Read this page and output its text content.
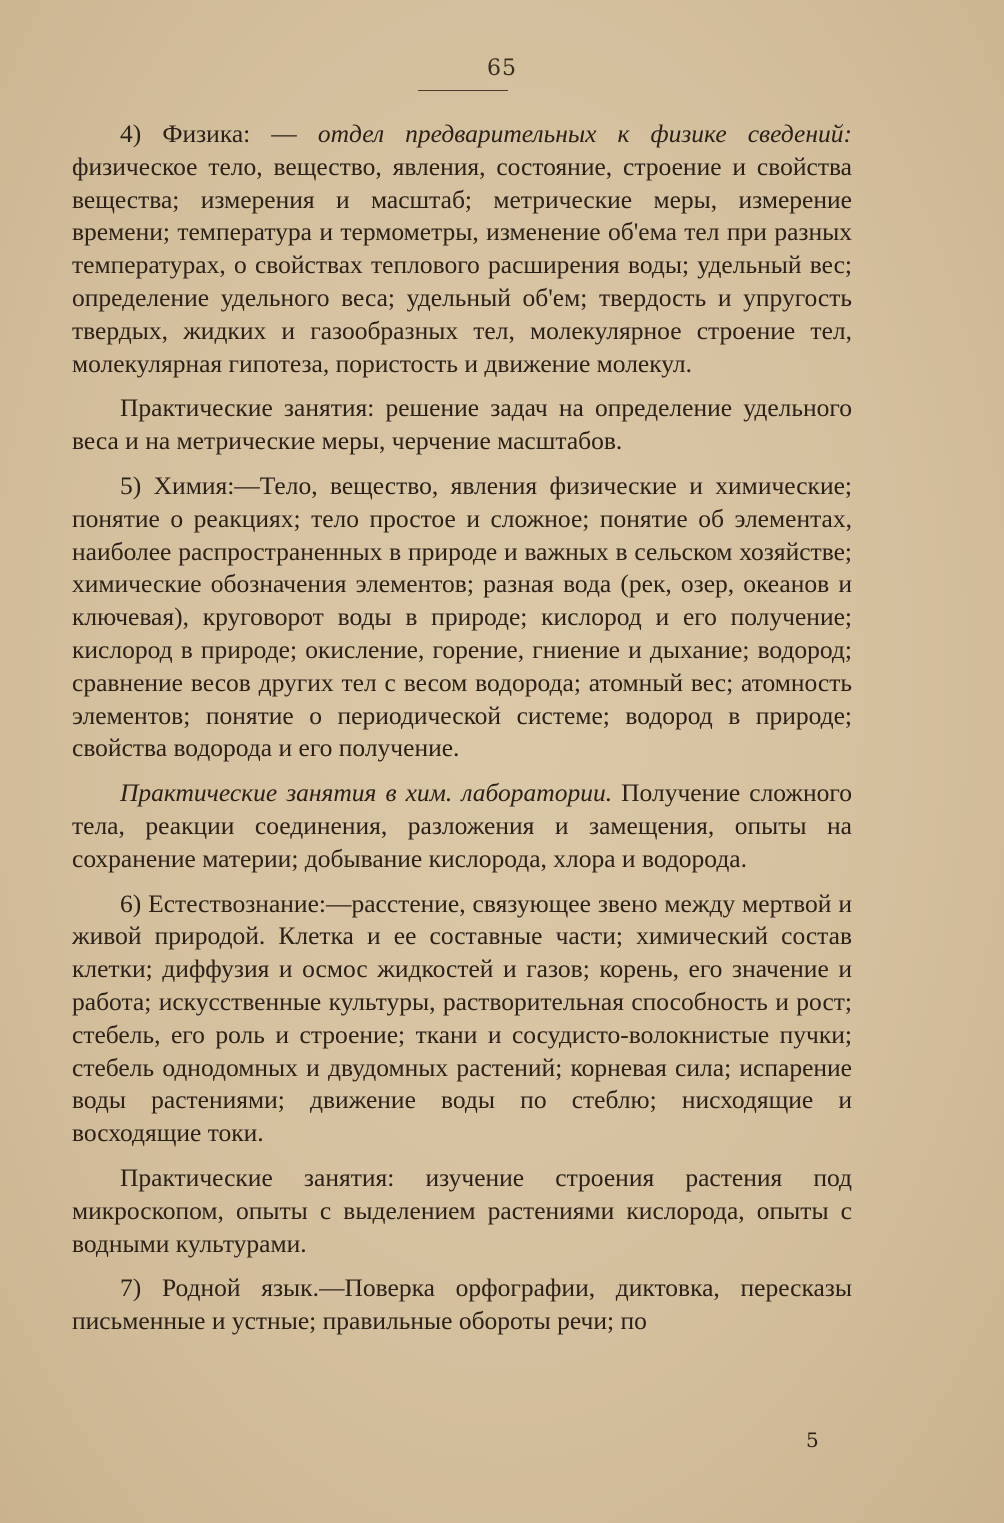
65

4) Физика: — отдел предварительных к физике сведений: физическое тело, вещество, явления, состояние, строение и свойства вещества; измерения и масштаб; метрические меры, измерение времени; температура и термометры, изменение об'ема тел при разных температурах, о свойствах теплового расширения воды; удельный вес; определение удельного веса; удельный об'ем; твердость и упругость твердых, жидких и газообразных тел, молекулярное строение тел, молекулярная гипотеза, пористость и движение молекул.

Практические занятия: решение задач на определение удельного веса и на метрические меры, черчение масштабов.

5) Химия:—Тело, вещество, явления физические и химические; понятие о реакциях; тело простое и сложное; понятие об элементах, наиболее распространенных в природе и важных в сельском хозяйстве; химические обозначения элементов; разная вода (рек, озер, океанов и ключевая), круговорот воды в природе; кислород и его получение; кислород в природе; окисление, горение, гниение и дыхание; водород; сравнение весов других тел с весом водорода; атомный вес; атомность элементов; понятие о периодической системе; водород в природе; свойства водорода и его получение.

Практические занятия в хим. лаборатории. Получение сложного тела, реакции соединения, разложения и замещения, опыты на сохранение материи; добывание кислорода, хлора и водорода.

6) Естествознание:—расстение, связующее звено между мертвой и живой природой. Клетка и ее составные части; химический состав клетки; диффузия и осмос жидкостей и газов; корень, его значение и работа; искусственные культуры, растворительная способность и рост; стебель, его роль и строение; ткани и сосудисто-волокнистые пучки; стебель однодомных и двудомных растений; корневая сила; испарение воды растениями; движение воды по стеблю; нисходящие и восходящие токи.

Практические занятия: изучение строения растения под микроскопом, опыты с выделением растениями кислорода, опыты с водными культурами.

7) Родной язык.—Поверка орфографии, диктовка, пересказы письменные и устные; правильные обороты речи; по

5
